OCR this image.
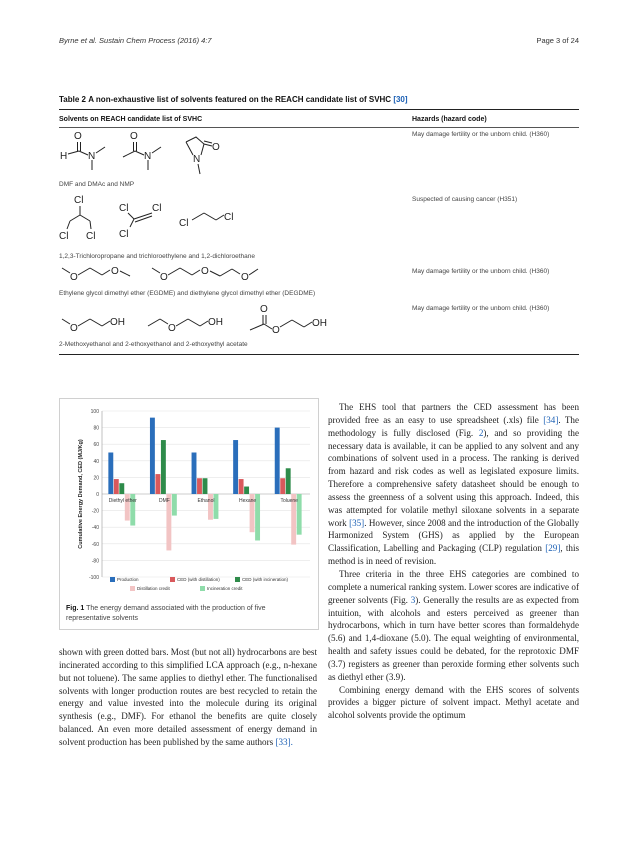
Byrne et al. Sustain Chem Process (2016) 4:7	Page 3 of 24
Table 2 A non-exhaustive list of solvents featured on the REACH candidate list of SVHC [30]
Solvents on REACH candidate list of SVHC	Hazards (hazard code)
O
H N
O
N
O
N
DMF and DMAc and NMP
May damage fertility or the unborn child. (H360)
Cl
Cl Cl
Cl Cl
Cl
Cl
Cl
1,2,3-Trichloropropane and trichloroethylene and 1,2-dichloroethane
Suspected of causing cancer (H351)
O
O
O
O
O
Ethylene glycol dimethyl ether (EGDME) and diethylene glycol dimethyl ether (DEGDME)
May damage fertility or the unborn child. (H360)
O
OH
O
OH
O
O
OH
2-Methoxyethanol and 2-ethoxyethanol and 2-ethoxyethyl acetate
May damage fertility or the unborn child. (H360)
-100
-80
-60
-40
-20
0
20
40
60
80
100
Cumulative Energy Demand, CED (MJ/Kg)	Diethyl ether	DMF	Ethanol	Hexane	Toluene
Production	CED (with distillation)	CED (with incineration)
Distillation credit	Incineration credit
Fig. 1 The energy demand associated with the production of five representative solvents

shown with green dotted bars. Most (but not all) hydrocarbons are best incinerated according to this simplified LCA approach (e.g., n-hexane but not toluene). The same applies to diethyl ether. The functionalised solvents with longer production routes are best recycled to retain the energy and value invested into the molecule during its original synthesis (e.g., DMF). For ethanol the benefits are quite closely balanced. An even more detailed assessment of energy demand in solvent production has been published by the same authors [33].

The EHS tool that partners the CED assessment has been provided free as an easy to use spreadsheet (.xls) file [34]. The methodology is fully disclosed (Fig. 2), and so providing the necessary data is available, it can be applied to any solvent and any combinations of solvent used in a process. The ranking is derived from hazard and risk codes as well as legislated exposure limits. Therefore a comprehensive safety datasheet should be enough to assess the greenness of a solvent using this approach. Indeed, this was attempted for volatile methyl siloxane solvents in a separate work [35]. However, since 2008 and the introduction of the Globally Harmonized System (GHS) as applied by the European Classification, Labelling and Packaging (CLP) regulation [29], this method is in need of revision.

Three criteria in the three EHS categories are combined to complete a numerical ranking system. Lower scores are indicative of greener solvents (Fig. 3). Generally the results are as expected from intuition, with alcohols and esters perceived as greener than hydrocarbons, which in turn have better scores than formaldehyde (5.6) and 1,4-dioxane (5.0). The equal weighting of environmental, health and safety issues could be debated, for the reprotoxic DMF (3.7) registers as greener than peroxide forming ether solvents such as diethyl ether (3.9).

Combining energy demand with the EHS scores of solvents provides a bigger picture of solvent impact. Methyl acetate and alcohol solvents provide the optimum
